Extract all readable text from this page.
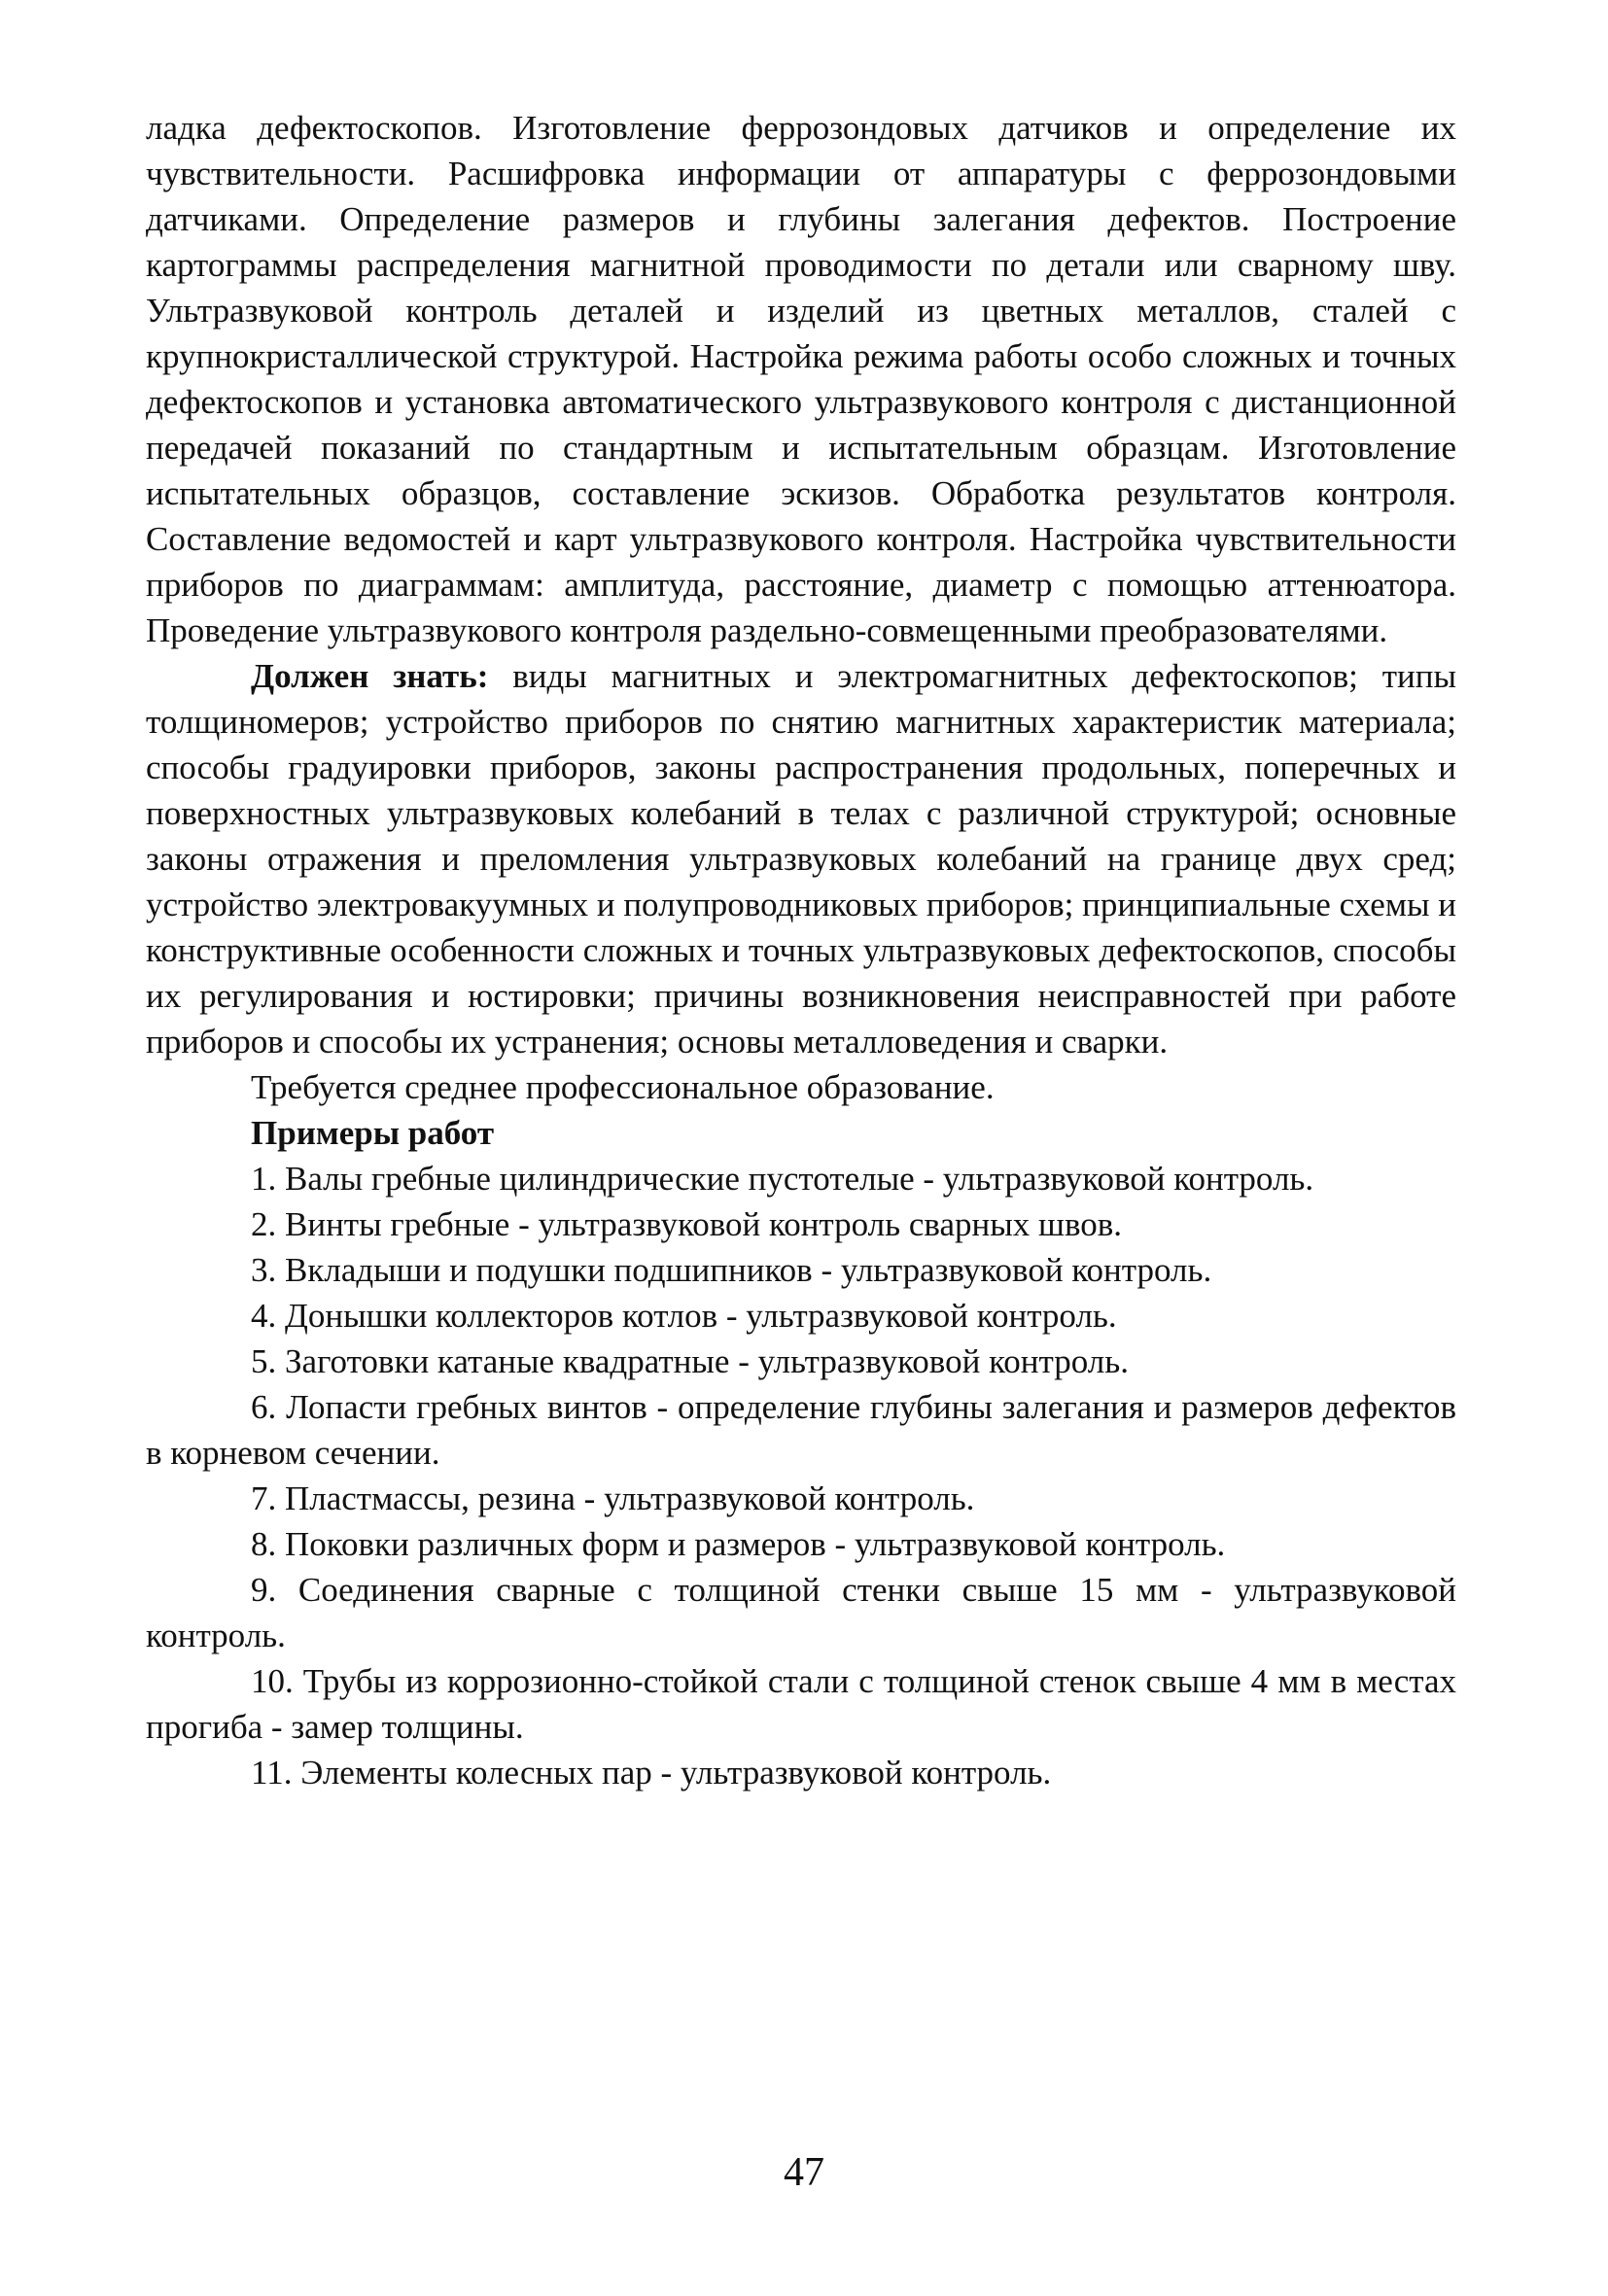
ладка дефектоскопов. Изготовление феррозондовых датчиков и определение их чувствительности. Расшифровка информации от аппаратуры с феррозондовыми датчиками. Определение размеров и глубины залегания дефектов. Построение картограммы распределения магнитной проводимости по детали или сварному шву. Ультразвуковой контроль деталей и изделий из цветных металлов, сталей с крупнокристаллической структурой. Настройка режима работы особо сложных и точных дефектоскопов и установка автоматического ультразвукового контроля с дистанционной передачей показаний по стандартным и испытательным образцам. Изготовление испытательных образцов, составление эскизов. Обработка результатов контроля. Составление ведомостей и карт ультразвукового контроля. Настройка чувствительности приборов по диаграммам: амплитуда, расстояние, диаметр с помощью аттенюатора. Проведение ультразвукового контроля раздельно-совмещенными преобразователями.

Должен знать: виды магнитных и электромагнитных дефектоскопов; типы толщиномеров; устройство приборов по снятию магнитных характеристик материала; способы градуировки приборов, законы распространения продольных, поперечных и поверхностных ультразвуковых колебаний в телах с различной структурой; основные законы отражения и преломления ультразвуковых колебаний на границе двух сред; устройство электровакуумных и полупроводниковых приборов; принципиальные схемы и конструктивные особенности сложных и точных ультразвуковых дефектоскопов, способы их регулирования и юстировки; причины возникновения неисправностей при работе приборов и способы их устранения; основы металловедения и сварки.

Требуется среднее профессиональное образование.

Примеры работ

1. Валы гребные цилиндрические пустотелые - ультразвуковой контроль.

2. Винты гребные - ультразвуковой контроль сварных швов.

3. Вкладыши и подушки подшипников - ультразвуковой контроль.

4. Донышки коллекторов котлов - ультразвуковой контроль.

5. Заготовки катаные квадратные - ультразвуковой контроль.

6. Лопасти гребных винтов - определение глубины залегания и размеров дефектов в корневом сечении.

7. Пластмассы, резина - ультразвуковой контроль.

8. Поковки различных форм и размеров - ультразвуковой контроль.

9. Соединения сварные с толщиной стенки свыше 15 мм - ультразвуковой контроль.

10. Трубы из коррозионно-стойкой стали с толщиной стенок свыше 4 мм в местах прогиба - замер толщины.

11. Элементы колесных пар - ультразвуковой контроль.

47
